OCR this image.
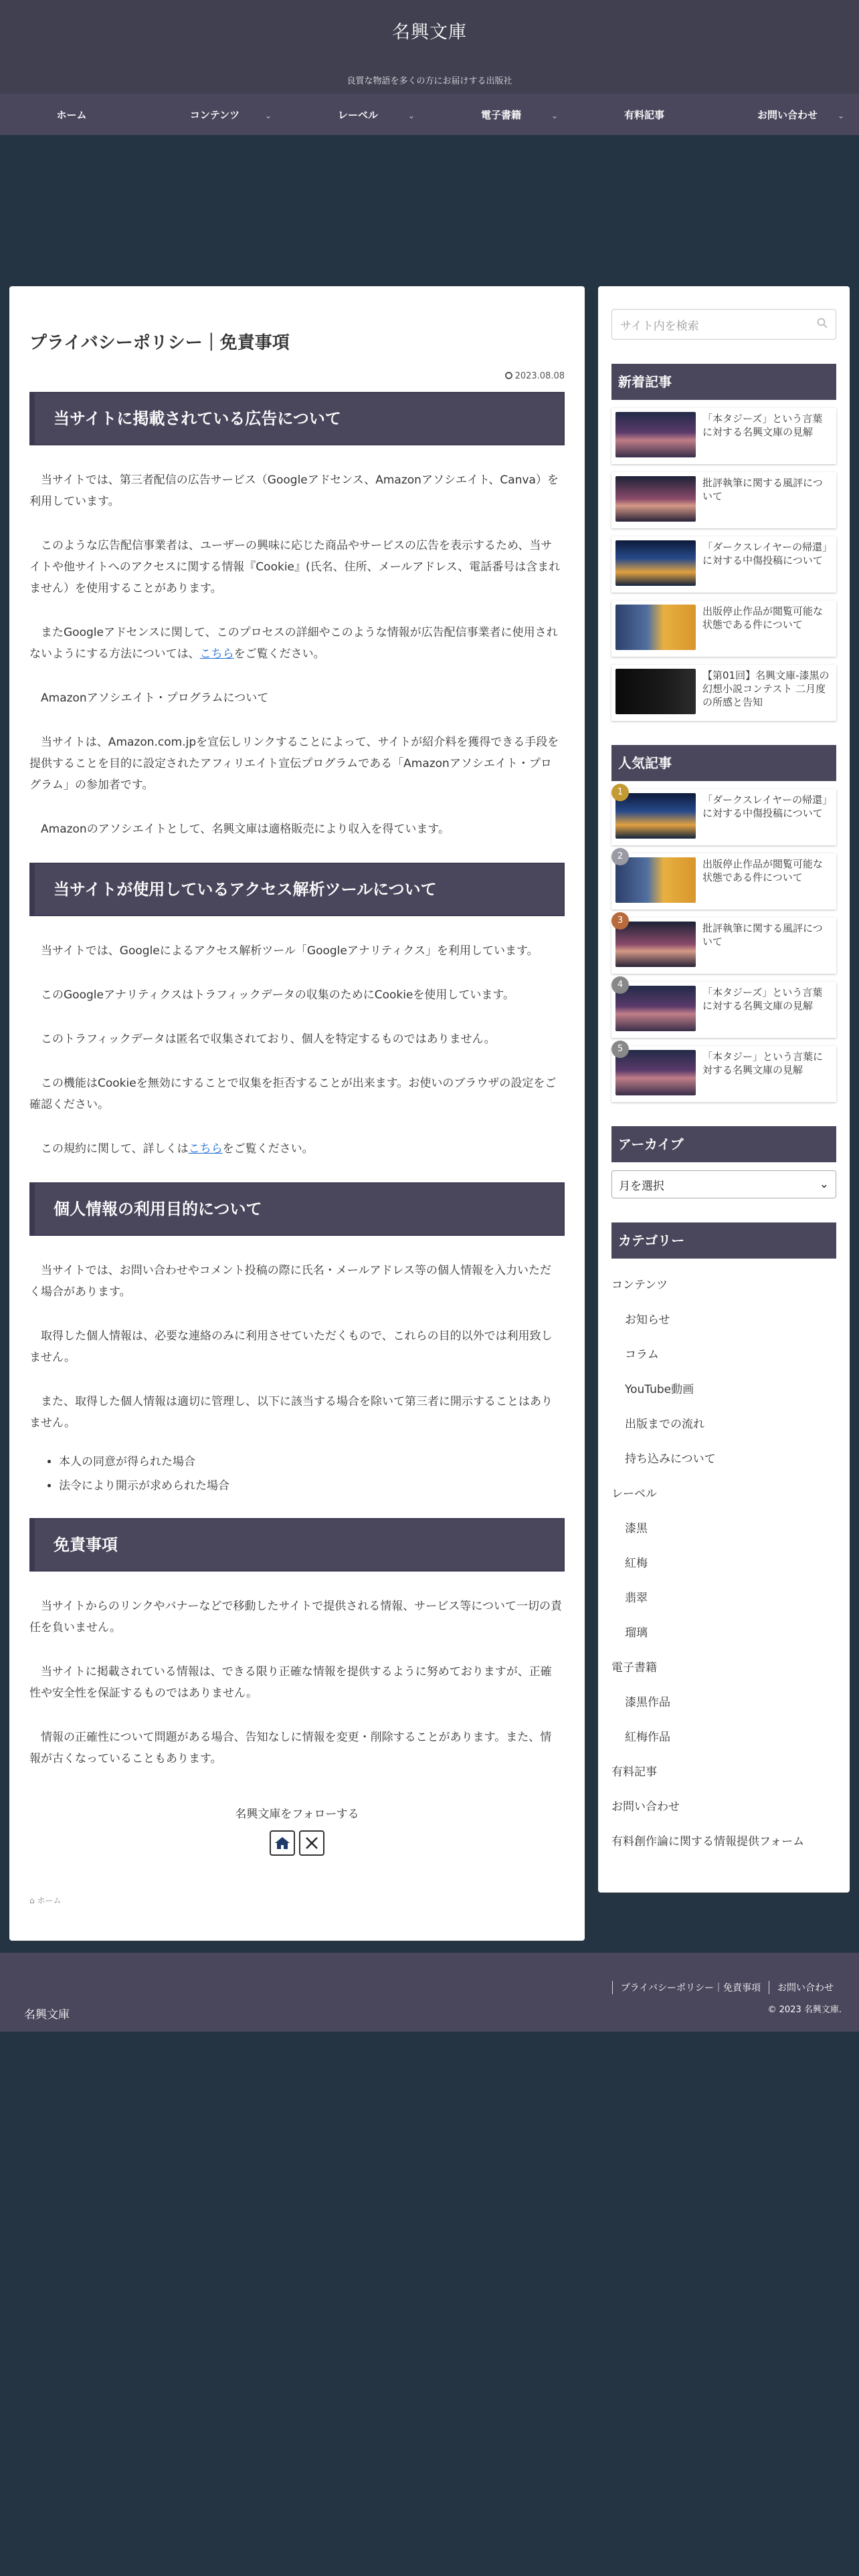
名興文庫
良質な物語を多くの方にお届けする出版社
ホーム	コンテンツ	⌄	レーベル	⌄	電子書籍	⌄	有料記事	お問い合わせ ⌄
プライバシーポリシー｜免責事項
2023.08.08
当サイトに掲載されている広告について

当サイトでは、第三者配信の広告サービス（Googleアドセンス、Amazonアソシエイト、Canva）を利用しています。

このような広告配信事業者は、ユーザーの興味に応じた商品やサービスの広告を表示するため、当サイトや他サイトへのアクセスに関する情報『Cookie』(氏名、住所、メールアドレス、電話番号は含まれません）を使用することがあります。

またGoogleアドセンスに関して、このプロセスの詳細やこのような情報が広告配信事業者に使用されないようにする方法については、こちらをご覧ください。

Amazonアソシエイト・プログラムについて

当サイトは、Amazon.com.jpを宣伝しリンクすることによって、サイトが紹介料を獲得できる手段を提供することを目的に設定されたアフィリエイト宣伝プログラムである「Amazonアソシエイト・プログラム」の参加者です。

Amazonのアソシエイトとして、名興文庫は適格販売により収入を得ています。

当サイトが使用しているアクセス解析ツールについて

当サイトでは、Googleによるアクセス解析ツール「Googleアナリティクス」を利用しています。

このGoogleアナリティクスはトラフィックデータの収集のためにCookieを使用しています。

このトラフィックデータは匿名で収集されており、個人を特定するものではありません。

この機能はCookieを無効にすることで収集を拒否することが出来ます。お使いのブラウザの設定をご確認ください。

この規約に関して、詳しくはこちらをご覧ください。

個人情報の利用目的について

当サイトでは、お問い合わせやコメント投稿の際に氏名・メールアドレス等の個人情報を入力いただく場合があります。

取得した個人情報は、必要な連絡のみに利用させていただくもので、これらの目的以外では利用致しません。

また、取得した個人情報は適切に管理し、以下に該当する場合を除いて第三者に開示することはありません。

• 本人の同意が得られた場合
• 法令により開示が求められた場合
免責事項

当サイトからのリンクやバナーなどで移動したサイトで提供される情報、サービス等について一切の責任を負いません。

当サイトに掲載されている情報は、できる限り正確な情報を提供するように努めておりますが、正確性や安全性を保証するものではありません。

情報の正確性について問題がある場合、告知なしに情報を変更・削除することがあります。また、情報が古くなっていることもあります。

名興文庫をフォローする
⌂ ホーム
サイト内を検索
新着記事
「本タジーズ」という言葉に対する名興文庫の見解
批評執筆に関する風評について
「ダークスレイヤーの帰還」に対する中傷投稿について
出版停止作品が閲覧可能な状態である件について
【第01回】名興文庫-漆黒の幻想小説コンテスト 二月度の所感と告知
人気記事
1
「ダークスレイヤーの帰還」に対する中傷投稿について
2
出版停止作品が閲覧可能な状態である件について
3
批評執筆に関する風評について
4
「本タジーズ」という言葉に対する名興文庫の見解
5
「本タジー」という言葉に対する名興文庫の見解
アーカイブ
月を選択	⌄
カテゴリー
コンテンツ
お知らせ
コラム
YouTube動画
出版までの流れ
持ち込みについて
レーベル
漆黒
紅梅
翡翠
瑠璃
電子書籍
漆黒作品
紅梅作品
有料記事
お問い合わせ
有料創作論に関する情報提供フォーム
プライバシーポリシー｜免責事項	お問い合わせ
© 2023 名興文庫.
名興文庫
